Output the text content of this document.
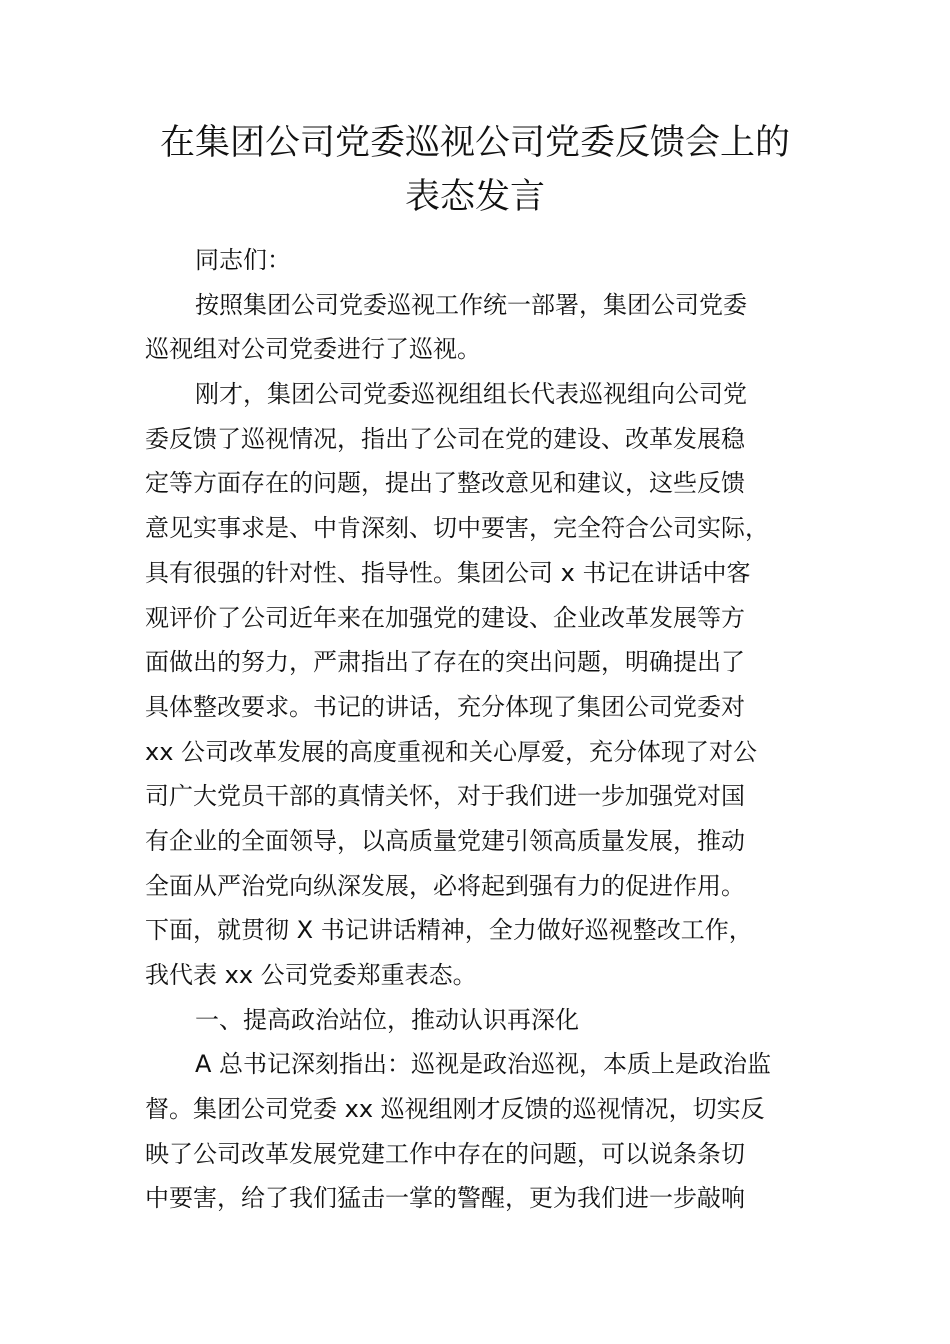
在集团公司党委巡视公司党委反馈会上的
表态发言
同志们：
按照集团公司党委巡视工作统一部署，集团公司党委
巡视组对公司党委进行了巡视。
刚才，集团公司党委巡视组组长代表巡视组向公司党
委反馈了巡视情况，指出了公司在党的建设、改革发展稳
定等方面存在的问题，提出了整改意见和建议，这些反馈
意见实事求是、中肯深刻、切中要害，完全符合公司实际，
具有很强的针对性、指导性。集团公司 x 书记在讲话中客
观评价了公司近年来在加强党的建设、企业改革发展等方
面做出的努力，严肃指出了存在的突出问题，明确提出了
具体整改要求。书记的讲话，充分体现了集团公司党委对
xx 公司改革发展的高度重视和关心厚爱，充分体现了对公
司广大党员干部的真情关怀，对于我们进一步加强党对国
有企业的全面领导，以高质量党建引领高质量发展，推动
全面从严治党向纵深发展，必将起到强有力的促进作用。
下面，就贯彻 X 书记讲话精神，全力做好巡视整改工作，
我代表 xx 公司党委郑重表态。
一、提高政治站位，推动认识再深化
A 总书记深刻指出：巡视是政治巡视，本质上是政治监
督。集团公司党委 xx 巡视组刚才反馈的巡视情况，切实反
映了公司改革发展党建工作中存在的问题，可以说条条切
中要害，给了我们猛击一掌的警醒，更为我们进一步敲响
